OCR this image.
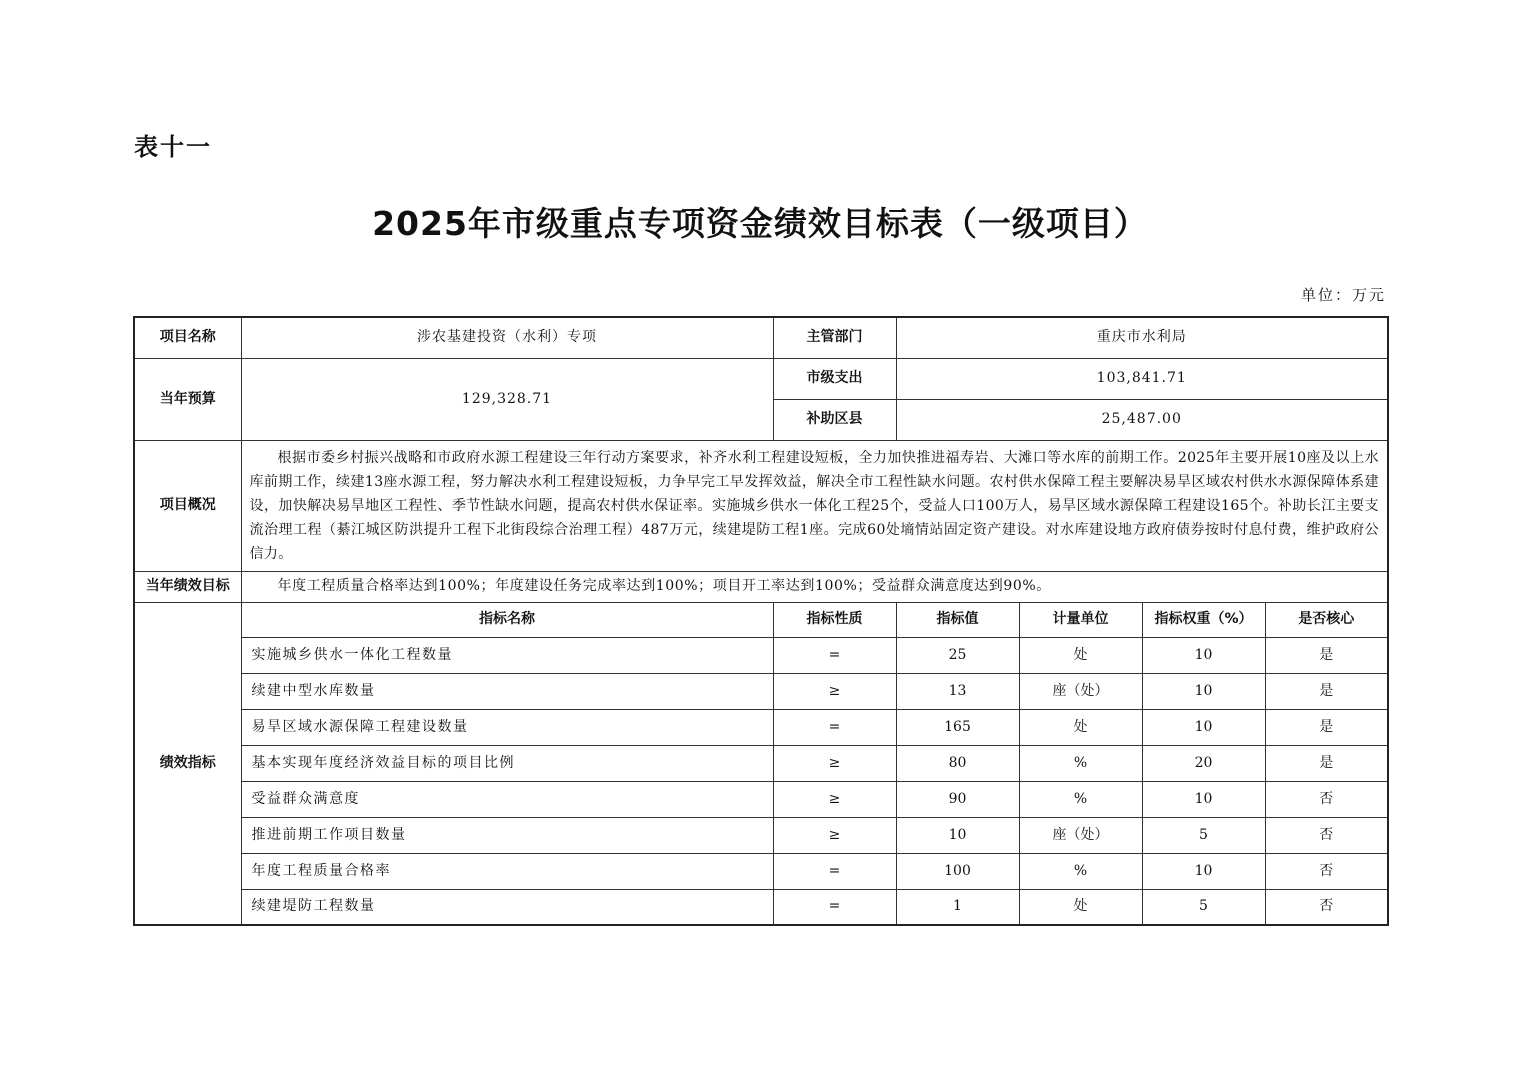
表十一
2025年市级重点专项资金绩效目标表（一级项目）
单位：万元
项目名称	涉农基建投资（水利）专项	主管部门	重庆市水利局			
当年预算	129,328.71	市级支出	103,841.71			
		补助区县	25,487.00			
项目概况	根据市委乡村振兴战略和市政府水源工程建设三年行动方案要求，补齐水利工程建设短板，全力加快推进福寿岩、大滩口等水库的前期工作。2025年主要开展10座及以上水库前期工作，续建13座水源工程，努力解决水利工程建设短板，力争早完工早发挥效益，解决全市工程性缺水问题。农村供水保障工程主要解决易旱区域农村供水水源保障体系建设，加快解决易旱地区工程性、季节性缺水问题，提高农村供水保证率。实施城乡供水一体化工程25个，受益人口100万人，易旱区域水源保障工程建设165个。补助长江主要支流治理工程（綦江城区防洪提升工程下北街段综合治理工程）487万元，续建堤防工程1座。完成60处墒情站固定资产建设。对水库建设地方政府债券按时付息付费，维护政府公信力。					
当年绩效目标	年度工程质量合格率达到100%；年度建设任务完成率达到100%；项目开工率达到100%；受益群众满意度达到90%。					
绩效指标	指标名称	指标性质	指标值	计量单位	指标权重（%）	是否核心
	实施城乡供水一体化工程数量	=	25	处	10	是
	续建中型水库数量	≥	13	座（处）	10	是
	易旱区域水源保障工程建设数量	=	165	处	10	是
	基本实现年度经济效益目标的项目比例	≥	80	%	20	是
	受益群众满意度	≥	90	%	10	否
	推进前期工作项目数量	≥	10	座（处）	5	否
	年度工程质量合格率	=	100	%	10	否
	续建堤防工程数量	=	1	处	5	否
